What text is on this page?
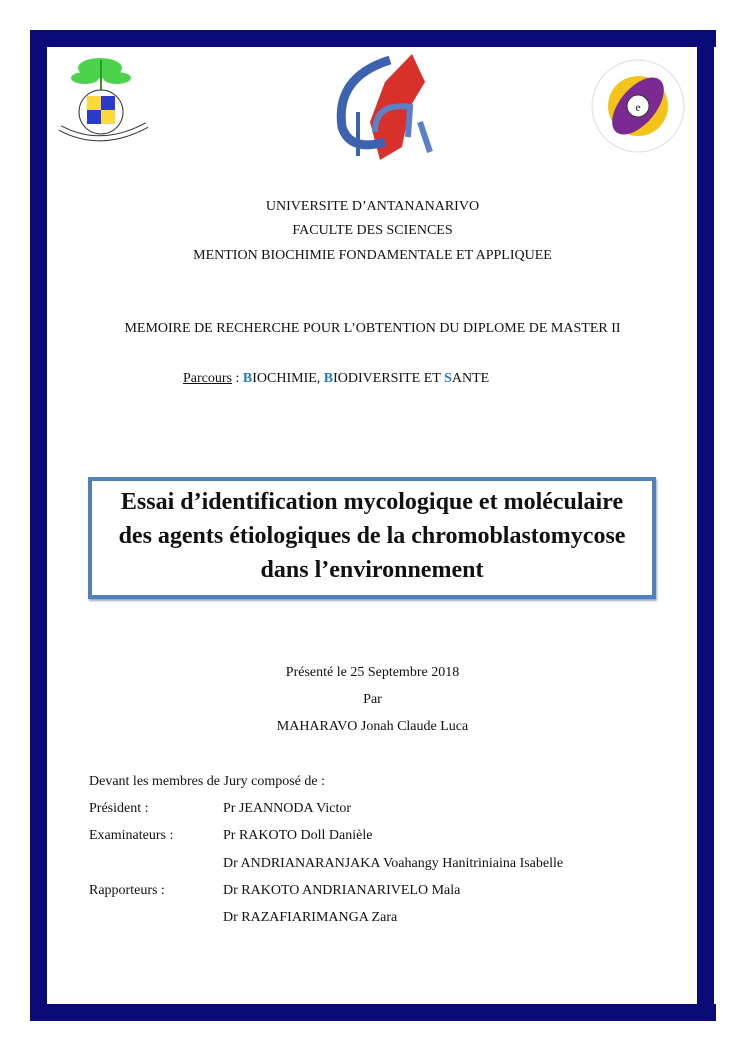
e
UNIVERSITE D’ANTANANARIVO
FACULTE DES SCIENCES
MENTION BIOCHIMIE FONDAMENTALE ET APPLIQUEE
MEMOIRE DE RECHERCHE POUR L’OBTENTION DU DIPLOME DE MASTER II
Parcours : BIOCHIMIE, BIODIVERSITE ET SANTE
Essai d’identification mycologique et moléculaire
des agents étiologiques de la chromoblastomycose
dans l’environnement
Présenté le 25 Septembre 2018
Par
MAHARAVO Jonah Claude Luca
Devant les membres de Jury composé de :
Président :	Pr JEANNODA Victor
Examinateurs :	Pr RAKOTO Doll Danièle
Dr ANDRIANARANJAKA Voahangy Hanitriniaina Isabelle
Rapporteurs :	Dr RAKOTO ANDRIANARIVELO Mala
Dr RAZAFIARIMANGA Zara
